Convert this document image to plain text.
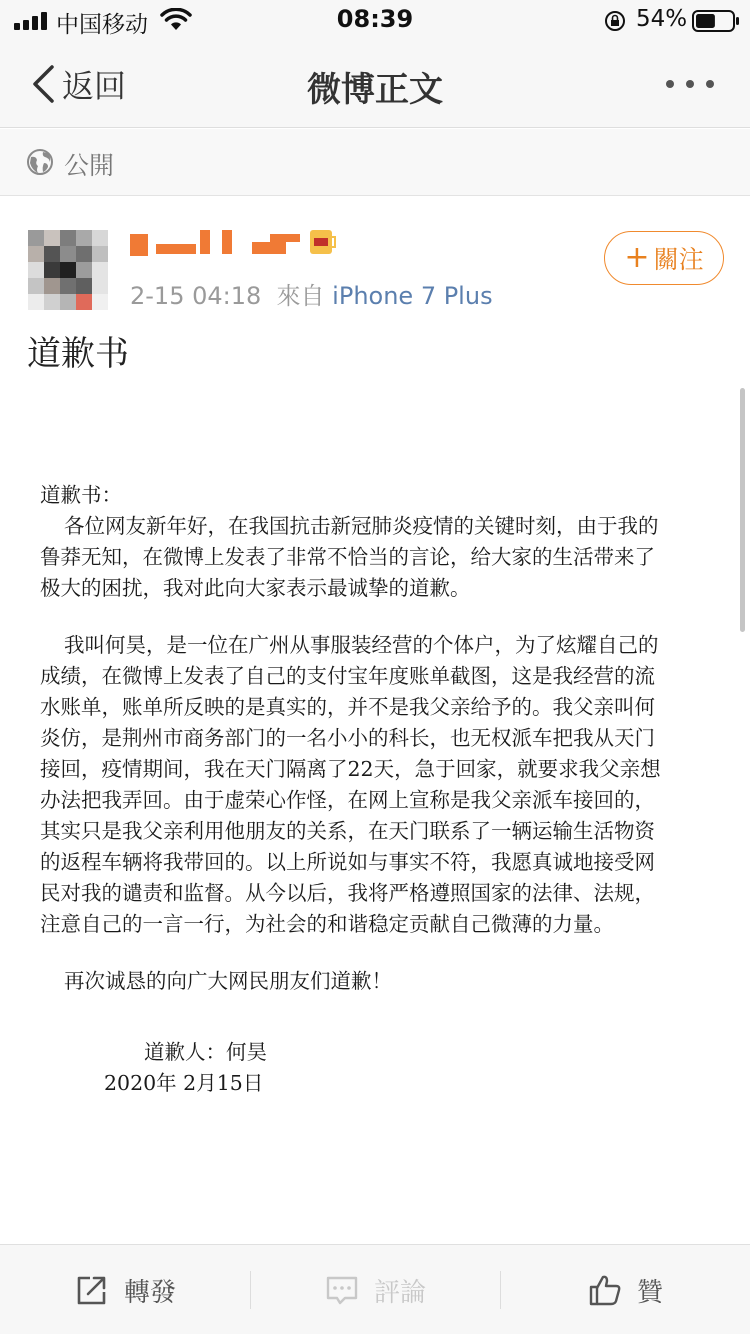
中国移动	08:39	54%
返回	微博正文
公開
2-15 04:18 來自 iPhone 7 Plus
+ 關注
道歉书
道歉书：
各位网友新年好，在我国抗击新冠肺炎疫情的关键时刻，由于我的
鲁莽无知，在微博上发表了非常不恰当的言论，给大家的生活带来了
极大的困扰，我对此向大家表示最诚挚的道歉。
我叫何昊，是一位在广州从事服装经营的个体户，为了炫耀自己的
成绩，在微博上发表了自己的支付宝年度账单截图，这是我经营的流
水账单，账单所反映的是真实的，并不是我父亲给予的。我父亲叫何
炎仿，是荆州市商务部门的一名小小的科长，也无权派车把我从天门
接回，疫情期间，我在天门隔离了22天，急于回家，就要求我父亲想
办法把我弄回。由于虚荣心作怪，在网上宣称是我父亲派车接回的，
其实只是我父亲利用他朋友的关系，在天门联系了一辆运输生活物资
的返程车辆将我带回的。以上所说如与事实不符，我愿真诚地接受网
民对我的谴责和监督。从今以后，我将严格遵照国家的法律、法规，
注意自己的一言一行，为社会的和谐稳定贡献自己微薄的力量。
再次诚恳的向广大网民朋友们道歉！
道歉人：何昊
2020年 2月15日
轉發	評論	贊
